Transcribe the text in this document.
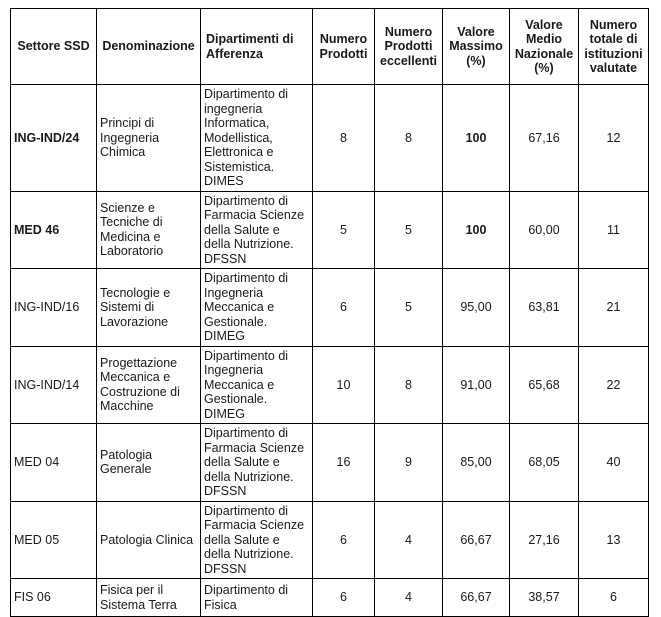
Settore SSD	Denominazione	Dipartimenti di Afferenza	Numero Prodotti	Numero Prodotti eccellenti	Valore Massimo (%)	Valore Medio Nazionale (%)	Numero totale di istituzioni valutate
ING-IND/24	Principi di Ingegneria Chimica	Dipartimento di ingegneria Informatica, Modellistica, Elettronica e Sistemistica. DIMES	8	8	100	67,16	12
MED 46	Scienze e Tecniche di Medicina e Laboratorio	Dipartimento di Farmacia Scienze della Salute e della Nutrizione. DFSSN	5	5	100	60,00	11
ING-IND/16	Tecnologie e Sistemi di Lavorazione	Dipartimento di Ingegneria Meccanica e Gestionale. DIMEG	6	5	95,00	63,81	21
ING-IND/14	Progettazione Meccanica e Costruzione di Macchine	Dipartimento di Ingegneria Meccanica e Gestionale. DIMEG	10	8	91,00	65,68	22
MED 04	Patologia Generale	Dipartimento di Farmacia Scienze della Salute e della Nutrizione. DFSSN	16	9	85,00	68,05	40
MED 05	Patologia Clinica	Dipartimento di Farmacia Scienze della Salute e della Nutrizione. DFSSN	6	4	66,67	27,16	13
FIS 06	Fisica per il Sistema Terra	Dipartimento di Fisica	6	4	66,67	38,57	6
